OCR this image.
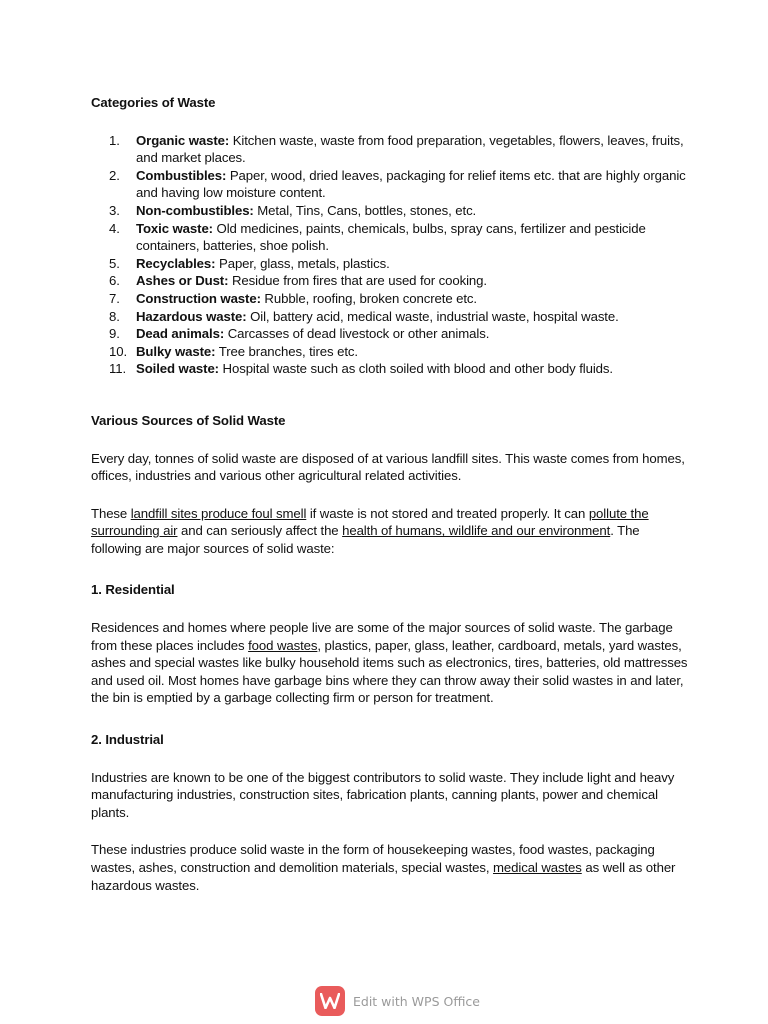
Categories of Waste

1.	Organic waste: Kitchen waste, waste from food preparation, vegetables, flowers, leaves, fruits, and market places.
2.	Combustibles: Paper, wood, dried leaves, packaging for relief items etc. that are highly organic and having low moisture content.
3.	Non-combustibles: Metal, Tins, Cans, bottles, stones, etc.
4.	Toxic waste: Old medicines, paints, chemicals, bulbs, spray cans, fertilizer and pesticide containers, batteries, shoe polish.
5.	Recyclables: Paper, glass, metals, plastics.
6.	Ashes or Dust: Residue from fires that are used for cooking.
7.	Construction waste: Rubble, roofing, broken concrete etc.
8.	Hazardous waste: Oil, battery acid, medical waste, industrial waste, hospital waste.
9.	Dead animals: Carcasses of dead livestock or other animals.
10. Bulky waste: Tree branches, tires etc.
11. Soiled waste: Hospital waste such as cloth soiled with blood and other body fluids.

Various Sources of Solid Waste

Every day, tonnes of solid waste are disposed of at various landfill sites. This waste comes from homes, offices, industries and various other agricultural related activities.

These landfill sites produce foul smell if waste is not stored and treated properly. It can pollute the surrounding air and can seriously affect the health of humans, wildlife and our environment. The following are major sources of solid waste:

1. Residential

Residences and homes where people live are some of the major sources of solid waste. The garbage from these places includes food wastes, plastics, paper, glass, leather, cardboard, metals, yard wastes, ashes and special wastes like bulky household items such as electronics, tires, batteries, old mattresses and used oil. Most homes have garbage bins where they can throw away their solid wastes in and later, the bin is emptied by a garbage collecting firm or person for treatment.

2. Industrial

Industries are known to be one of the biggest contributors to solid waste. They include light and heavy manufacturing industries, construction sites, fabrication plants, canning plants, power and chemical plants.

These industries produce solid waste in the form of housekeeping wastes, food wastes, packaging wastes, ashes, construction and demolition materials, special wastes, medical wastes as well as other hazardous wastes.

Edit with WPS Office
